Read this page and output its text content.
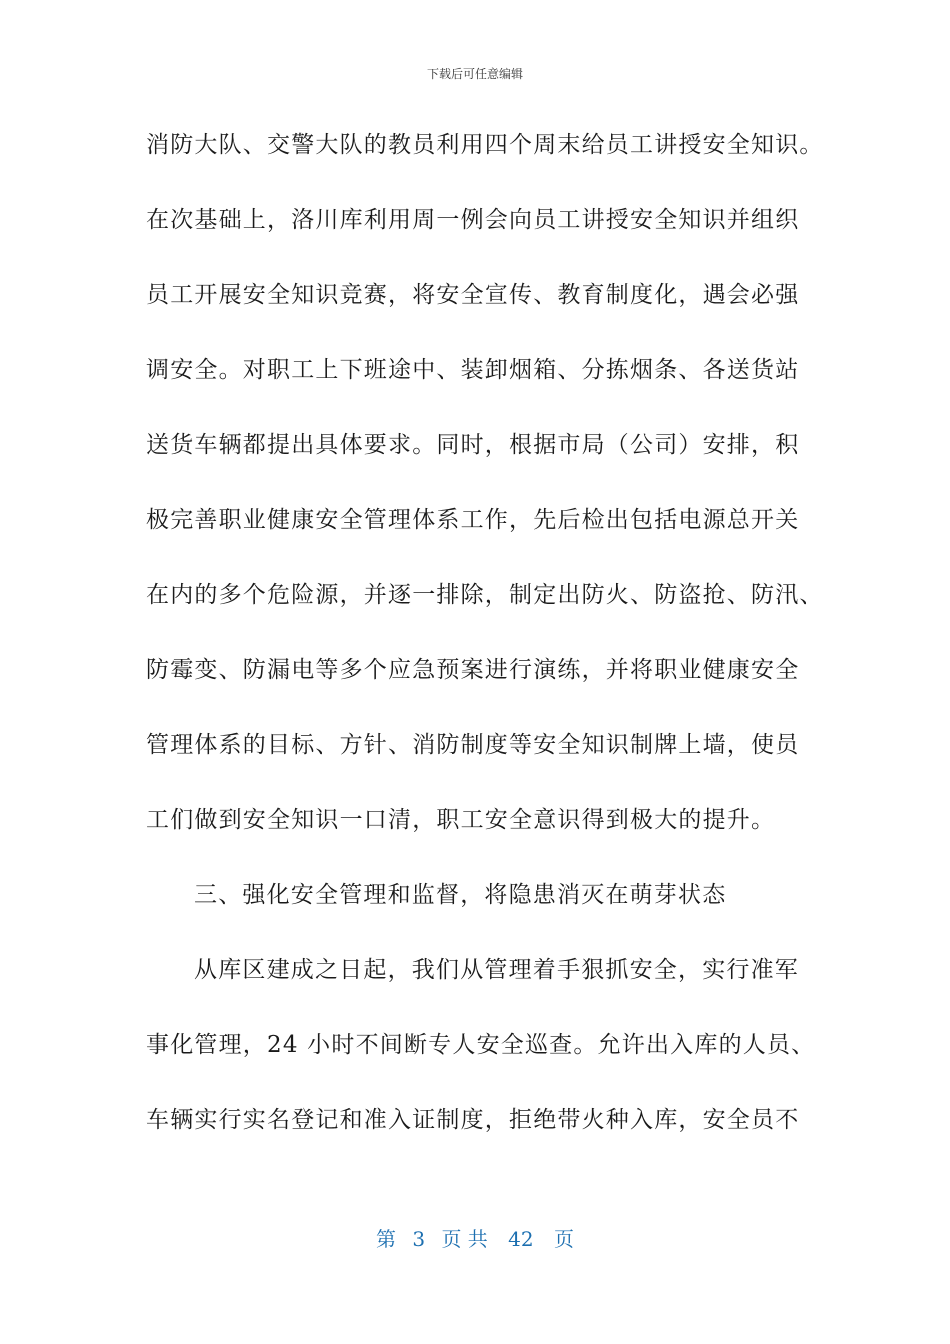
下载后可任意编辑
消防大队、交警大队的教员利用四个周末给员工讲授安全知识。
在次基础上，洛川库利用周一例会向员工讲授安全知识并组织
员工开展安全知识竞赛，将安全宣传、教育制度化，遇会必强
调安全。对职工上下班途中、装卸烟箱、分拣烟条、各送货站
送货车辆都提出具体要求。同时，根据市局（公司）安排，积
极完善职业健康安全管理体系工作，先后检出包括电源总开关
在内的多个危险源，并逐一排除，制定出防火、防盗抢、防汛、
防霉变、防漏电等多个应急预案进行演练，并将职业健康安全
管理体系的目标、方针、消防制度等安全知识制牌上墙，使员
工们做到安全知识一口清，职工安全意识得到极大的提升。
三、强化安全管理和监督，将隐患消灭在萌芽状态
从库区建成之日起，我们从管理着手狠抓安全，实行准军
事化管理，24 小时不间断专人安全巡查。允许出入库的人员、
车辆实行实名登记和准入证制度，拒绝带火种入库，安全员不
第 3 页 共 42 页
